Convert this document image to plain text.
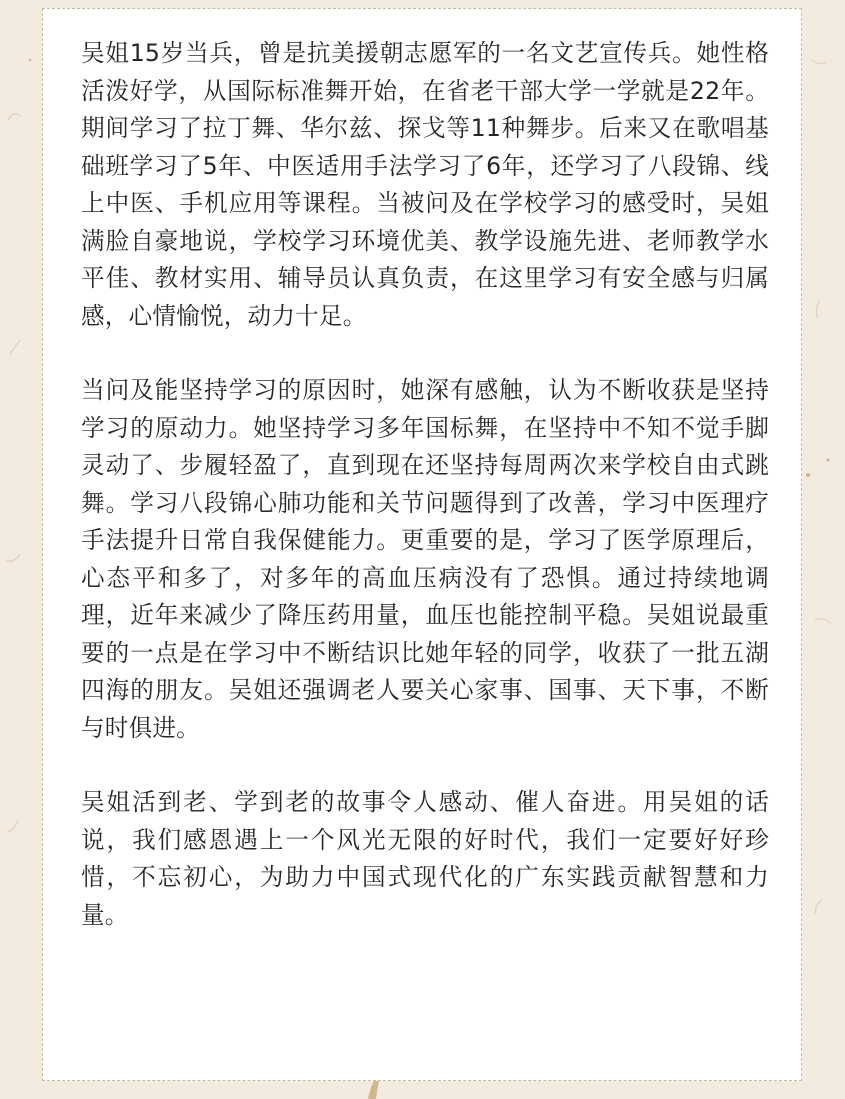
吴姐15岁当兵，曾是抗美援朝志愿军的一名文艺宣传兵。她性格活泼好学，从国际标准舞开始，在省老干部大学一学就是22年。期间学习了拉丁舞、华尔兹、探戈等11种舞步。后来又在歌唱基础班学习了5年、中医适用手法学习了6年，还学习了八段锦、线上中医、手机应用等课程。当被问及在学校学习的感受时，吴姐满脸自豪地说，学校学习环境优美、教学设施先进、老师教学水平佳、教材实用、辅导员认真负责，在这里学习有安全感与归属感，心情愉悦，动力十足。

当问及能坚持学习的原因时，她深有感触，认为不断收获是坚持学习的原动力。她坚持学习多年国标舞，在坚持中不知不觉手脚灵动了、步履轻盈了，直到现在还坚持每周两次来学校自由式跳舞。学习八段锦心肺功能和关节问题得到了改善，学习中医理疗手法提升日常自我保健能力。更重要的是，学习了医学原理后，心态平和多了，对多年的高血压病没有了恐惧。通过持续地调理，近年来减少了降压药用量，血压也能控制平稳。吴姐说最重要的一点是在学习中不断结识比她年轻的同学，收获了一批五湖四海的朋友。吴姐还强调老人要关心家事、国事、天下事，不断与时俱进。

吴姐活到老、学到老的故事令人感动、催人奋进。用吴姐的话说，我们感恩遇上一个风光无限的好时代，我们一定要好好珍惜，不忘初心，为助力中国式现代化的广东实践贡献智慧和力量。
